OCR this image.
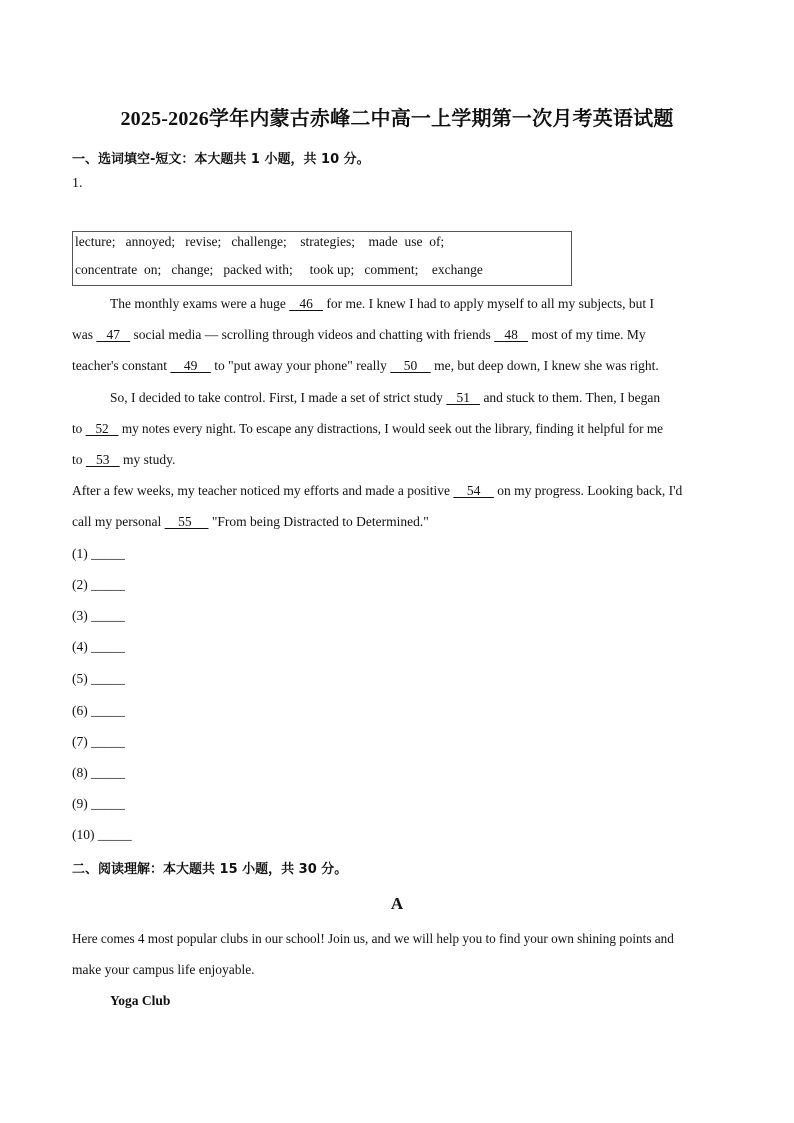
2025-2026学年内蒙古赤峰二中高一上学期第一次月考英语试题
一、选词填空-短文：本大题共 1 小题，共 10 分。
1.
lecture;   annoyed;   revise;   challenge;    strategies;    made  use  of;
concentrate  on;   change;   packed with;     took up;   comment;    exchange
The monthly exams were a huge    46    for me. I knew I had to apply myself to all my subjects, but I
was    47    social media — scrolling through videos and chatting with friends    48    most of my time. My
teacher's constant     49     to "put away your phone" really     50     me, but deep down, I knew she was right.
So, I decided to take control. First, I made a set of strict study    51    and stuck to them. Then, I began
to    52    my notes every night. To escape any distractions, I would seek out the library, finding it helpful for me
to    53    my study.
After a few weeks, my teacher noticed my efforts and made a positive     54     on my progress. Looking back, I'd
call my personal     55      "From being Distracted to Determined."
(1) _____
(2) _____
(3) _____
(4) _____
(5) _____
(6) _____
(7) _____
(8) _____
(9) _____
(10) _____
二、阅读理解：本大题共 15 小题，共 30 分。
A
Here comes 4 most popular clubs in our school! Join us, and we will help you to find your own shining points and
make your campus life enjoyable.
Yoga Club
